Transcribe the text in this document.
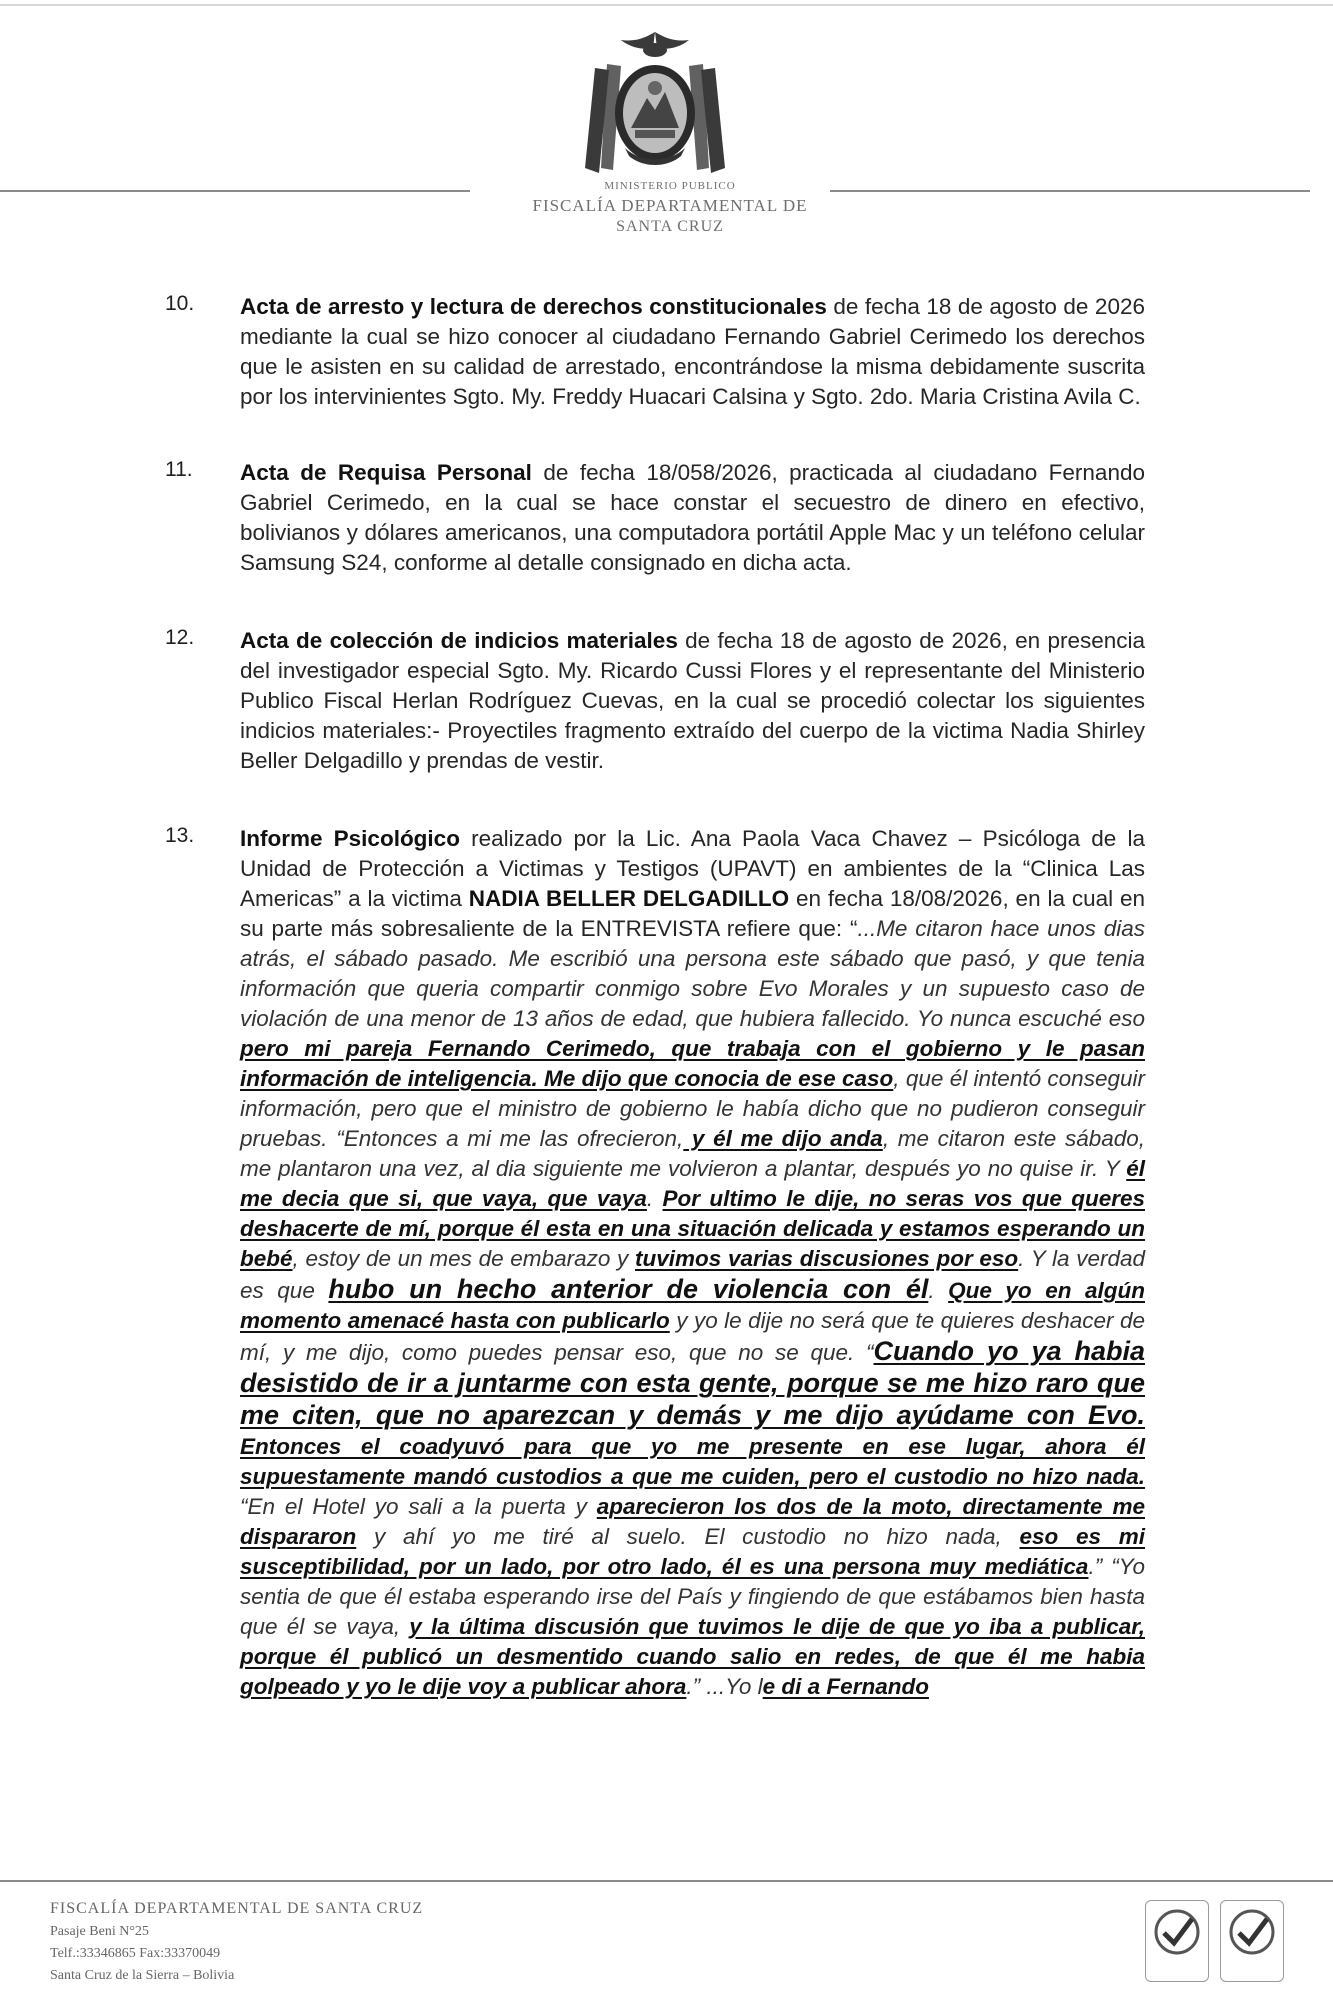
MINISTERIO PUBLICO
FISCALÍA DEPARTAMENTAL DE
SANTA CRUZ
10. Acta de arresto y lectura de derechos constitucionales de fecha 18 de agosto de 2026 mediante la cual se hizo conocer al ciudadano Fernando Gabriel Cerimedo los derechos que le asisten en su calidad de arrestado, encontrándose la misma debidamente suscrita por los intervinientes Sgto. My. Freddy Huacari Calsina y Sgto. 2do. Maria Cristina Avila C.
11. Acta de Requisa Personal de fecha 18/058/2026, practicada al ciudadano Fernando Gabriel Cerimedo, en la cual se hace constar el secuestro de dinero en efectivo, bolivianos y dólares americanos, una computadora portátil Apple Mac y un teléfono celular Samsung S24, conforme al detalle consignado en dicha acta.
12. Acta de colección de indicios materiales de fecha 18 de agosto de 2026, en presencia del investigador especial Sgto. My. Ricardo Cussi Flores y el representante del Ministerio Publico Fiscal Herlan Rodríguez Cuevas, en la cual se procedió colectar los siguientes indicios materiales:- Proyectiles fragmento extraído del cuerpo de la victima Nadia Shirley Beller Delgadillo y prendas de vestir.
13. Informe Psicológico realizado por la Lic. Ana Paola Vaca Chavez – Psicóloga de la Unidad de Protección a Victimas y Testigos (UPAVT) en ambientes de la “Clinica Las Americas” a la victima NADIA BELLER DELGADILLO en fecha 18/08/2026, en la cual en su parte más sobresaliente de la ENTREVISTA refiere que: “...Me citaron hace unos dias atrás, el sábado pasado. Me escribió una persona este sábado que pasó, y que tenia información que queria compartir conmigo sobre Evo Morales y un supuesto caso de violación de una menor de 13 años de edad, que hubiera fallecido. Yo nunca escuché eso pero mi pareja Fernando Cerimedo, que trabaja con el gobierno y le pasan información de inteligencia. Me dijo que conocia de ese caso, que él intentó conseguir información, pero que el ministro de gobierno le había dicho que no pudieron conseguir pruebas. “Entonces a mi me las ofrecieron, y él me dijo anda, me citaron este sábado, me plantaron una vez, al dia siguiente me volvieron a plantar, después yo no quise ir. Y él me decia que si, que vaya, que vaya. Por ultimo le dije, no seras vos que queres deshacerte de mí, porque él esta en una situación delicada y estamos esperando un bebé, estoy de un mes de embarazo y tuvimos varias discusiones por eso. Y la verdad es que hubo un hecho anterior de violencia con él. Que yo en algún momento amenacé hasta con publicarlo y yo le dije no será que te quieres deshacer de mí, y me dijo, como puedes pensar eso, que no se que. “Cuando yo ya habia desistido de ir a juntarme con esta gente, porque se me hizo raro que me citen, que no aparezcan y demás y me dijo ayúdame con Evo. Entonces el coadyuvó para que yo me presente en ese lugar, ahora él supuestamente mandó custodios a que me cuiden, pero el custodio no hizo nada. “En el Hotel yo sali a la puerta y aparecieron los dos de la moto, directamente me dispararon y ahí yo me tiré al suelo. El custodio no hizo nada, eso es mi susceptibilidad, por un lado, por otro lado, él es una persona muy mediática.” “Yo sentia de que él estaba esperando irse del País y fingiendo de que estábamos bien hasta que él se vaya, y la última discusión que tuvimos le dije de que yo iba a publicar, porque él publicó un desmentido cuando salio en redes, de que él me habia golpeado y yo le dije voy a publicar ahora.” ...Yo le di a Fernando
FISCALÍA DEPARTAMENTAL DE SANTA CRUZ
Pasaje Beni N°25
Telf.:33346865 Fax:33370049
Santa Cruz de la Sierra – Bolivia
